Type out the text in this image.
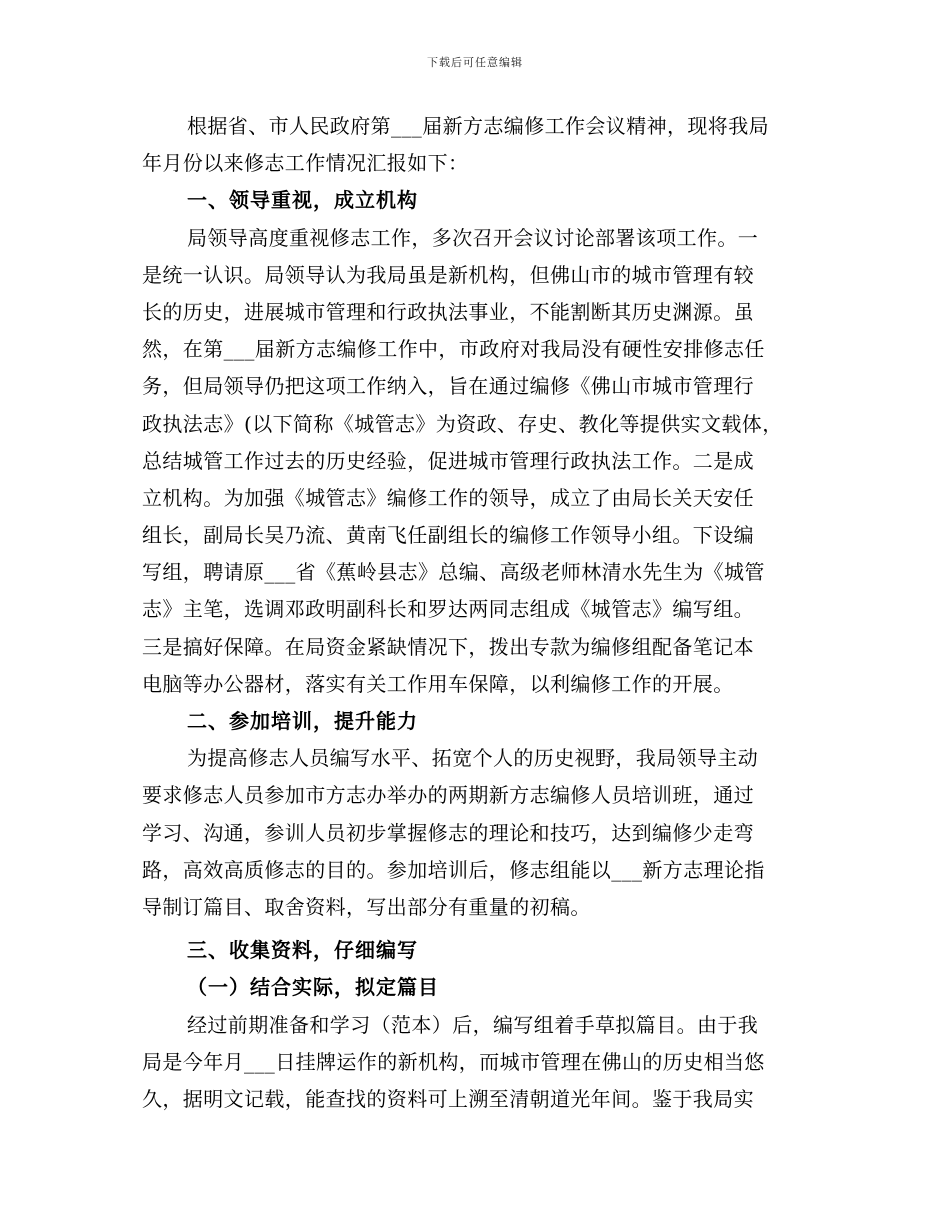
下载后可任意编辑
根据省、市人民政府第___届新方志编修工作会议精神，现将我局
年月份以来修志工作情况汇报如下：
一、领导重视，成立机构
局领导高度重视修志工作，多次召开会议讨论部署该项工作。一
是统一认识。局领导认为我局虽是新机构，但佛山市的城市管理有较
长的历史，进展城市管理和行政执法事业，不能割断其历史渊源。虽
然，在第___届新方志编修工作中，市政府对我局没有硬性安排修志任
务，但局领导仍把这项工作纳入，旨在通过编修《佛山市城市管理行
政执法志》(以下简称《城管志》为资政、存史、教化等提供实文载体，
总结城管工作过去的历史经验，促进城市管理行政执法工作。二是成
立机构。为加强《城管志》编修工作的领导，成立了由局长关天安任
组长，副局长吴乃流、黄南飞任副组长的编修工作领导小组。下设编
写组，聘请原___省《蕉岭县志》总编、高级老师林清水先生为《城管
志》主笔，选调邓政明副科长和罗达两同志组成《城管志》编写组。
三是搞好保障。在局资金紧缺情况下，拨出专款为编修组配备笔记本
电脑等办公器材，落实有关工作用车保障，以利编修工作的开展。
二、参加培训，提升能力
为提高修志人员编写水平、拓宽个人的历史视野，我局领导主动
要求修志人员参加市方志办举办的两期新方志编修人员培训班，通过
学习、沟通，参训人员初步掌握修志的理论和技巧，达到编修少走弯
路，高效高质修志的目的。参加培训后，修志组能以___新方志理论指
导制订篇目、取舍资料，写出部分有重量的初稿。
三、收集资料，仔细编写
（一）结合实际，拟定篇目
经过前期准备和学习（范本）后，编写组着手草拟篇目。由于我
局是今年月___日挂牌运作的新机构，而城市管理在佛山的历史相当悠
久，据明文记载，能查找的资料可上溯至清朝道光年间。鉴于我局实
